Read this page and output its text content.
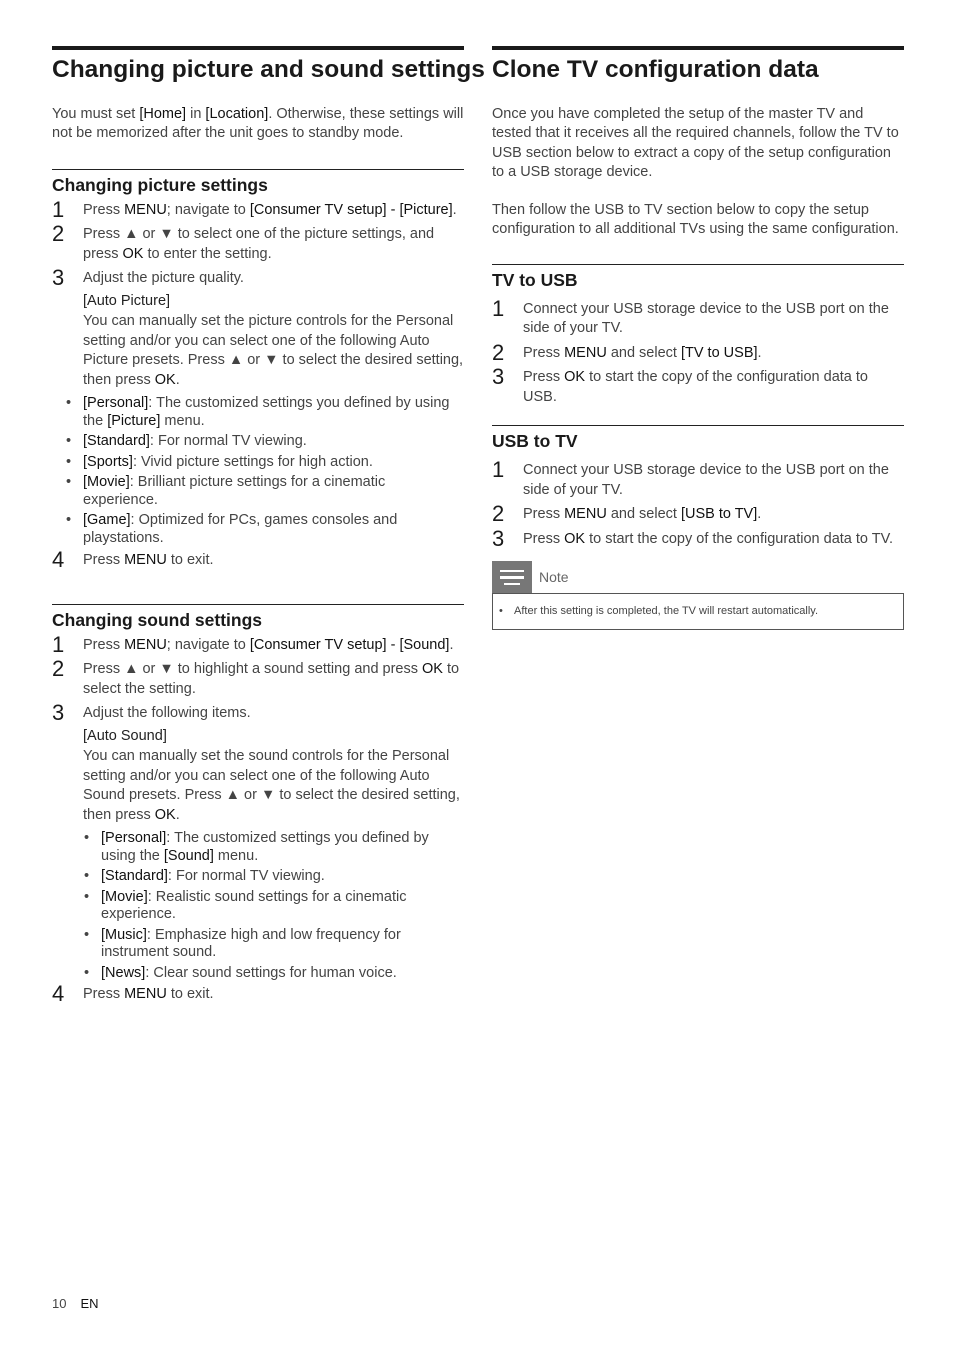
Changing picture and sound settings

You must set [Home] in [Location]. Otherwise, these settings will not be memorized after the unit goes to standby mode.

Changing picture settings
1 Press MENU; navigate to [Consumer TV setup] - [Picture].
2 Press ▲ or ▼ to select one of the picture settings, and press OK to enter the setting.
3 Adjust the picture quality.
[Auto Picture]
You can manually set the picture controls for the Personal setting and/or you can select one of the following Auto Picture presets. Press ▲ or ▼ to select the desired setting, then press OK.
• [Personal]: The customized settings you defined by using the [Picture] menu.
• [Standard]: For normal TV viewing.
• [Sports]: Vivid picture settings for high action.
• [Movie]: Brilliant picture settings for a cinematic experience.
• [Game]: Optimized for PCs, games consoles and playstations.
4 Press MENU to exit.
Changing sound settings
1 Press MENU; navigate to [Consumer TV setup] - [Sound].
2 Press ▲ or ▼ to highlight a sound setting and press OK to select the setting.
3 Adjust the following items.
[Auto Sound]
You can manually set the sound controls for the Personal setting and/or you can select one of the following Auto Sound presets. Press ▲ or ▼ to select the desired setting, then press OK.
• [Personal]: The customized settings you defined by using the [Sound] menu.
• [Standard]: For normal TV viewing.
• [Movie]: Realistic sound settings for a cinematic experience.
• [Music]: Emphasize high and low frequency for instrument sound.
• [News]: Clear sound settings for human voice.
4 Press MENU to exit.
Clone TV configuration data

Once you have completed the setup of the master TV and tested that it receives all the required channels, follow the TV to USB section below to extract a copy of the setup configuration to a USB storage device.

Then follow the USB to TV section below to copy the setup configuration to all additional TVs using the same configuration.

TV to USB
1 Connect your USB storage device to the USB port on the side of your TV.
2 Press MENU and select [TV to USB].
3 Press OK to start the copy of the configuration data to USB.
USB to TV
1 Connect your USB storage device to the USB port on the side of your TV.
2 Press MENU and select [USB to TV].
3 Press OK to start the copy of the configuration data to TV.
Note
•	After this setting is completed, the TV will restart automatically.
10 EN
